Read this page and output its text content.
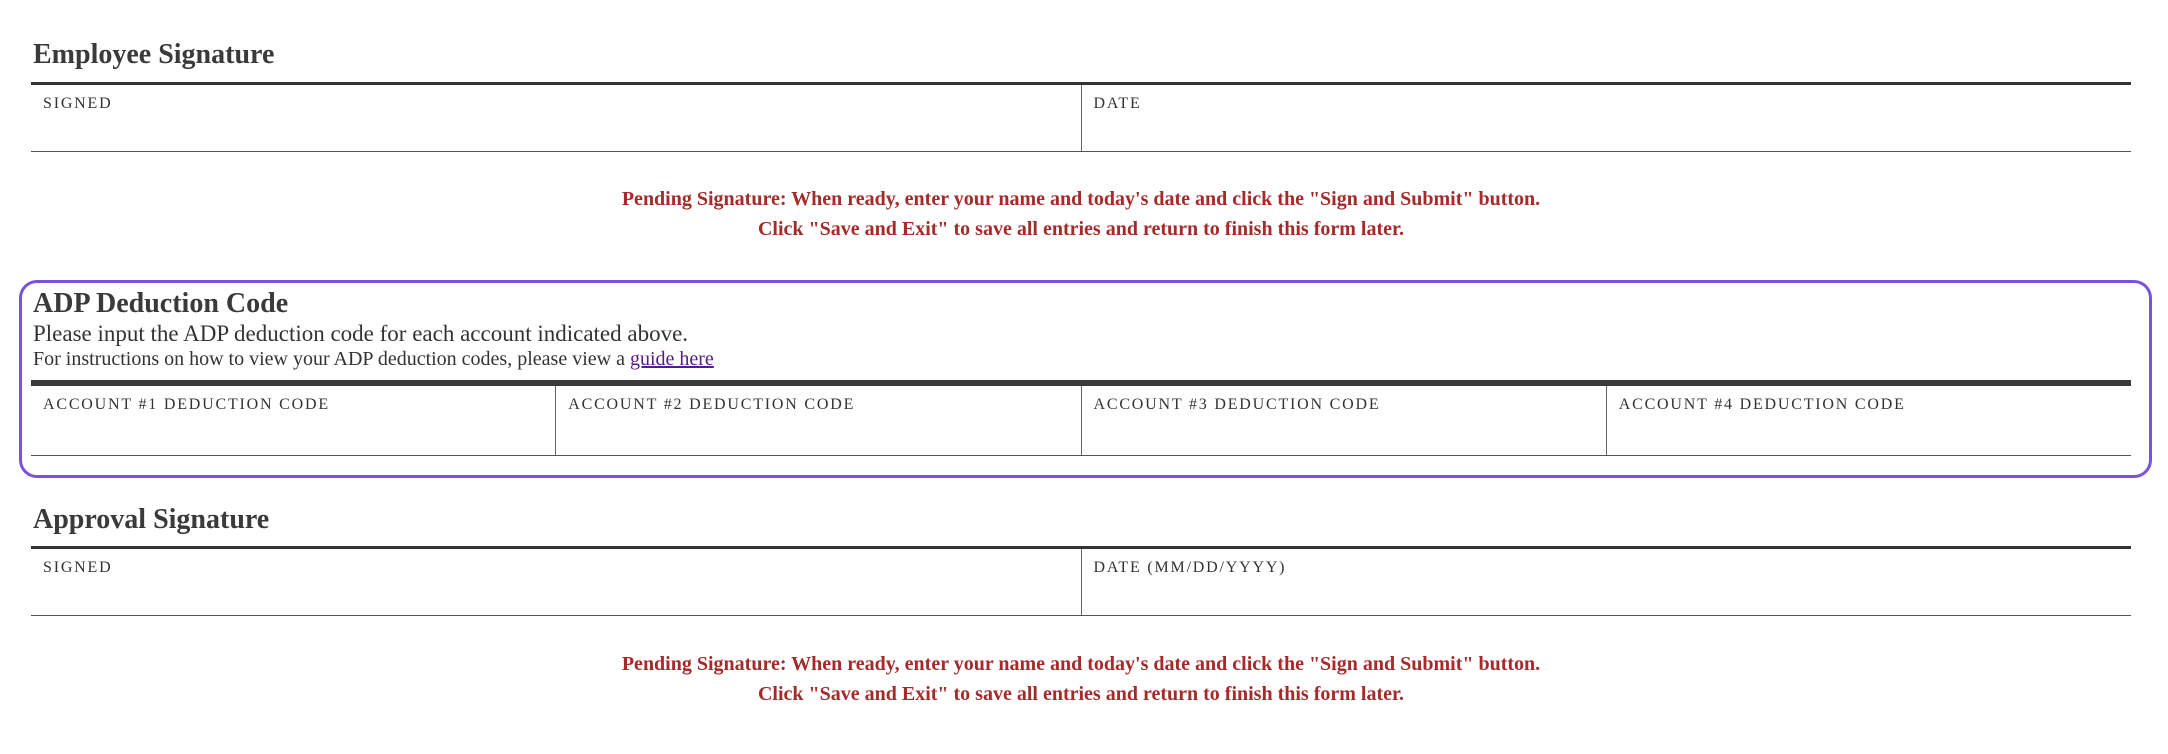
Employee Signature
SIGNED	DATE
Pending Signature: When ready, enter your name and today's date and click the "Sign and Submit" button.
Click "Save and Exit" to save all entries and return to finish this form later.
ADP Deduction Code
Please input the ADP deduction code for each account indicated above.
For instructions on how to view your ADP deduction codes, please view a guide here
ACCOUNT #1 DEDUCTION CODE	ACCOUNT #2 DEDUCTION CODE	ACCOUNT #3 DEDUCTION CODE	ACCOUNT #4 DEDUCTION CODE
Approval Signature
SIGNED	DATE (MM/DD/YYYY)
Pending Signature: When ready, enter your name and today's date and click the "Sign and Submit" button.
Click "Save and Exit" to save all entries and return to finish this form later.
